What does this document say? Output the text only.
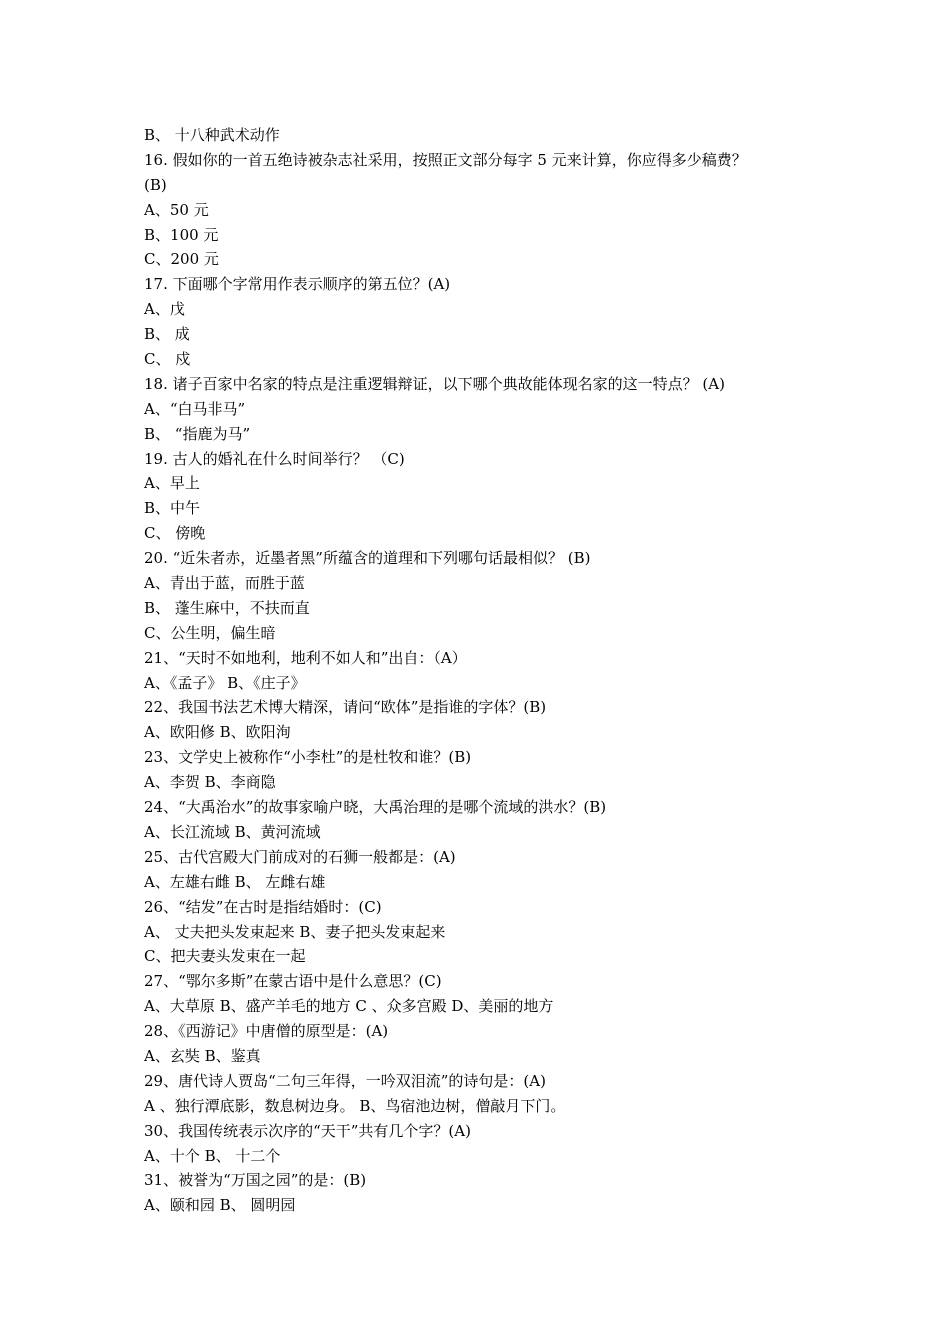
B、 十八种武术动作
16. 假如你的一首五绝诗被杂志社采用，按照正文部分每字 5 元来计算，你应得多少稿费？
(B)
A、50 元
B、100 元
C、200 元
17. 下面哪个字常用作表示顺序的第五位？(A)
A、戊
B、 成
C、 戍
18. 诸子百家中名家的特点是注重逻辑辩证，以下哪个典故能体现名家的这一特点？ (A)
A、“白马非马”
B、 “指鹿为马”
19. 古人的婚礼在什么时间举行？ （C)
A、早上
B、中午
C、 傍晚
20. “近朱者赤，近墨者黑”所蕴含的道理和下列哪句话最相似？ (B)
A、青出于蓝，而胜于蓝
B、 蓬生麻中，不扶而直
C、公生明，偏生暗
21、“天时不如地利，地利不如人和”出自：（A）
A、《孟子》 B、《庄子》
22、我国书法艺术博大精深，请问“欧体”是指谁的字体？(B)
A、欧阳修 B、欧阳洵
23、文学史上被称作“小李杜”的是杜牧和谁？(B)
A、李贺 B、李商隐
24、“大禹治水”的故事家喻户晓，大禹治理的是哪个流域的洪水？(B)
A、长江流域 B、黄河流域
25、古代宫殿大门前成对的石狮一般都是：(A)
A、左雄右雌 B、 左雌右雄
26、“结发”在古时是指结婚时：(C)
A、 丈夫把头发束起来 B、妻子把头发束起来
C、把夫妻头发束在一起
27、“鄂尔多斯”在蒙古语中是什么意思？(C)
A、大草原 B、盛产羊毛的地方 C 、众多宫殿 D、美丽的地方
28、《西游记》中唐僧的原型是：(A)
A、玄奘 B、鉴真
29、唐代诗人贾岛“二句三年得，一吟双泪流”的诗句是：(A)
A 、独行潭底影，数息树边身。 B、鸟宿池边树，僧敲月下门。
30、我国传统表示次序的“天干”共有几个字？(A)
A、十个 B、 十二个
31、被誉为“万国之园”的是：(B)
A、颐和园 B、 圆明园
